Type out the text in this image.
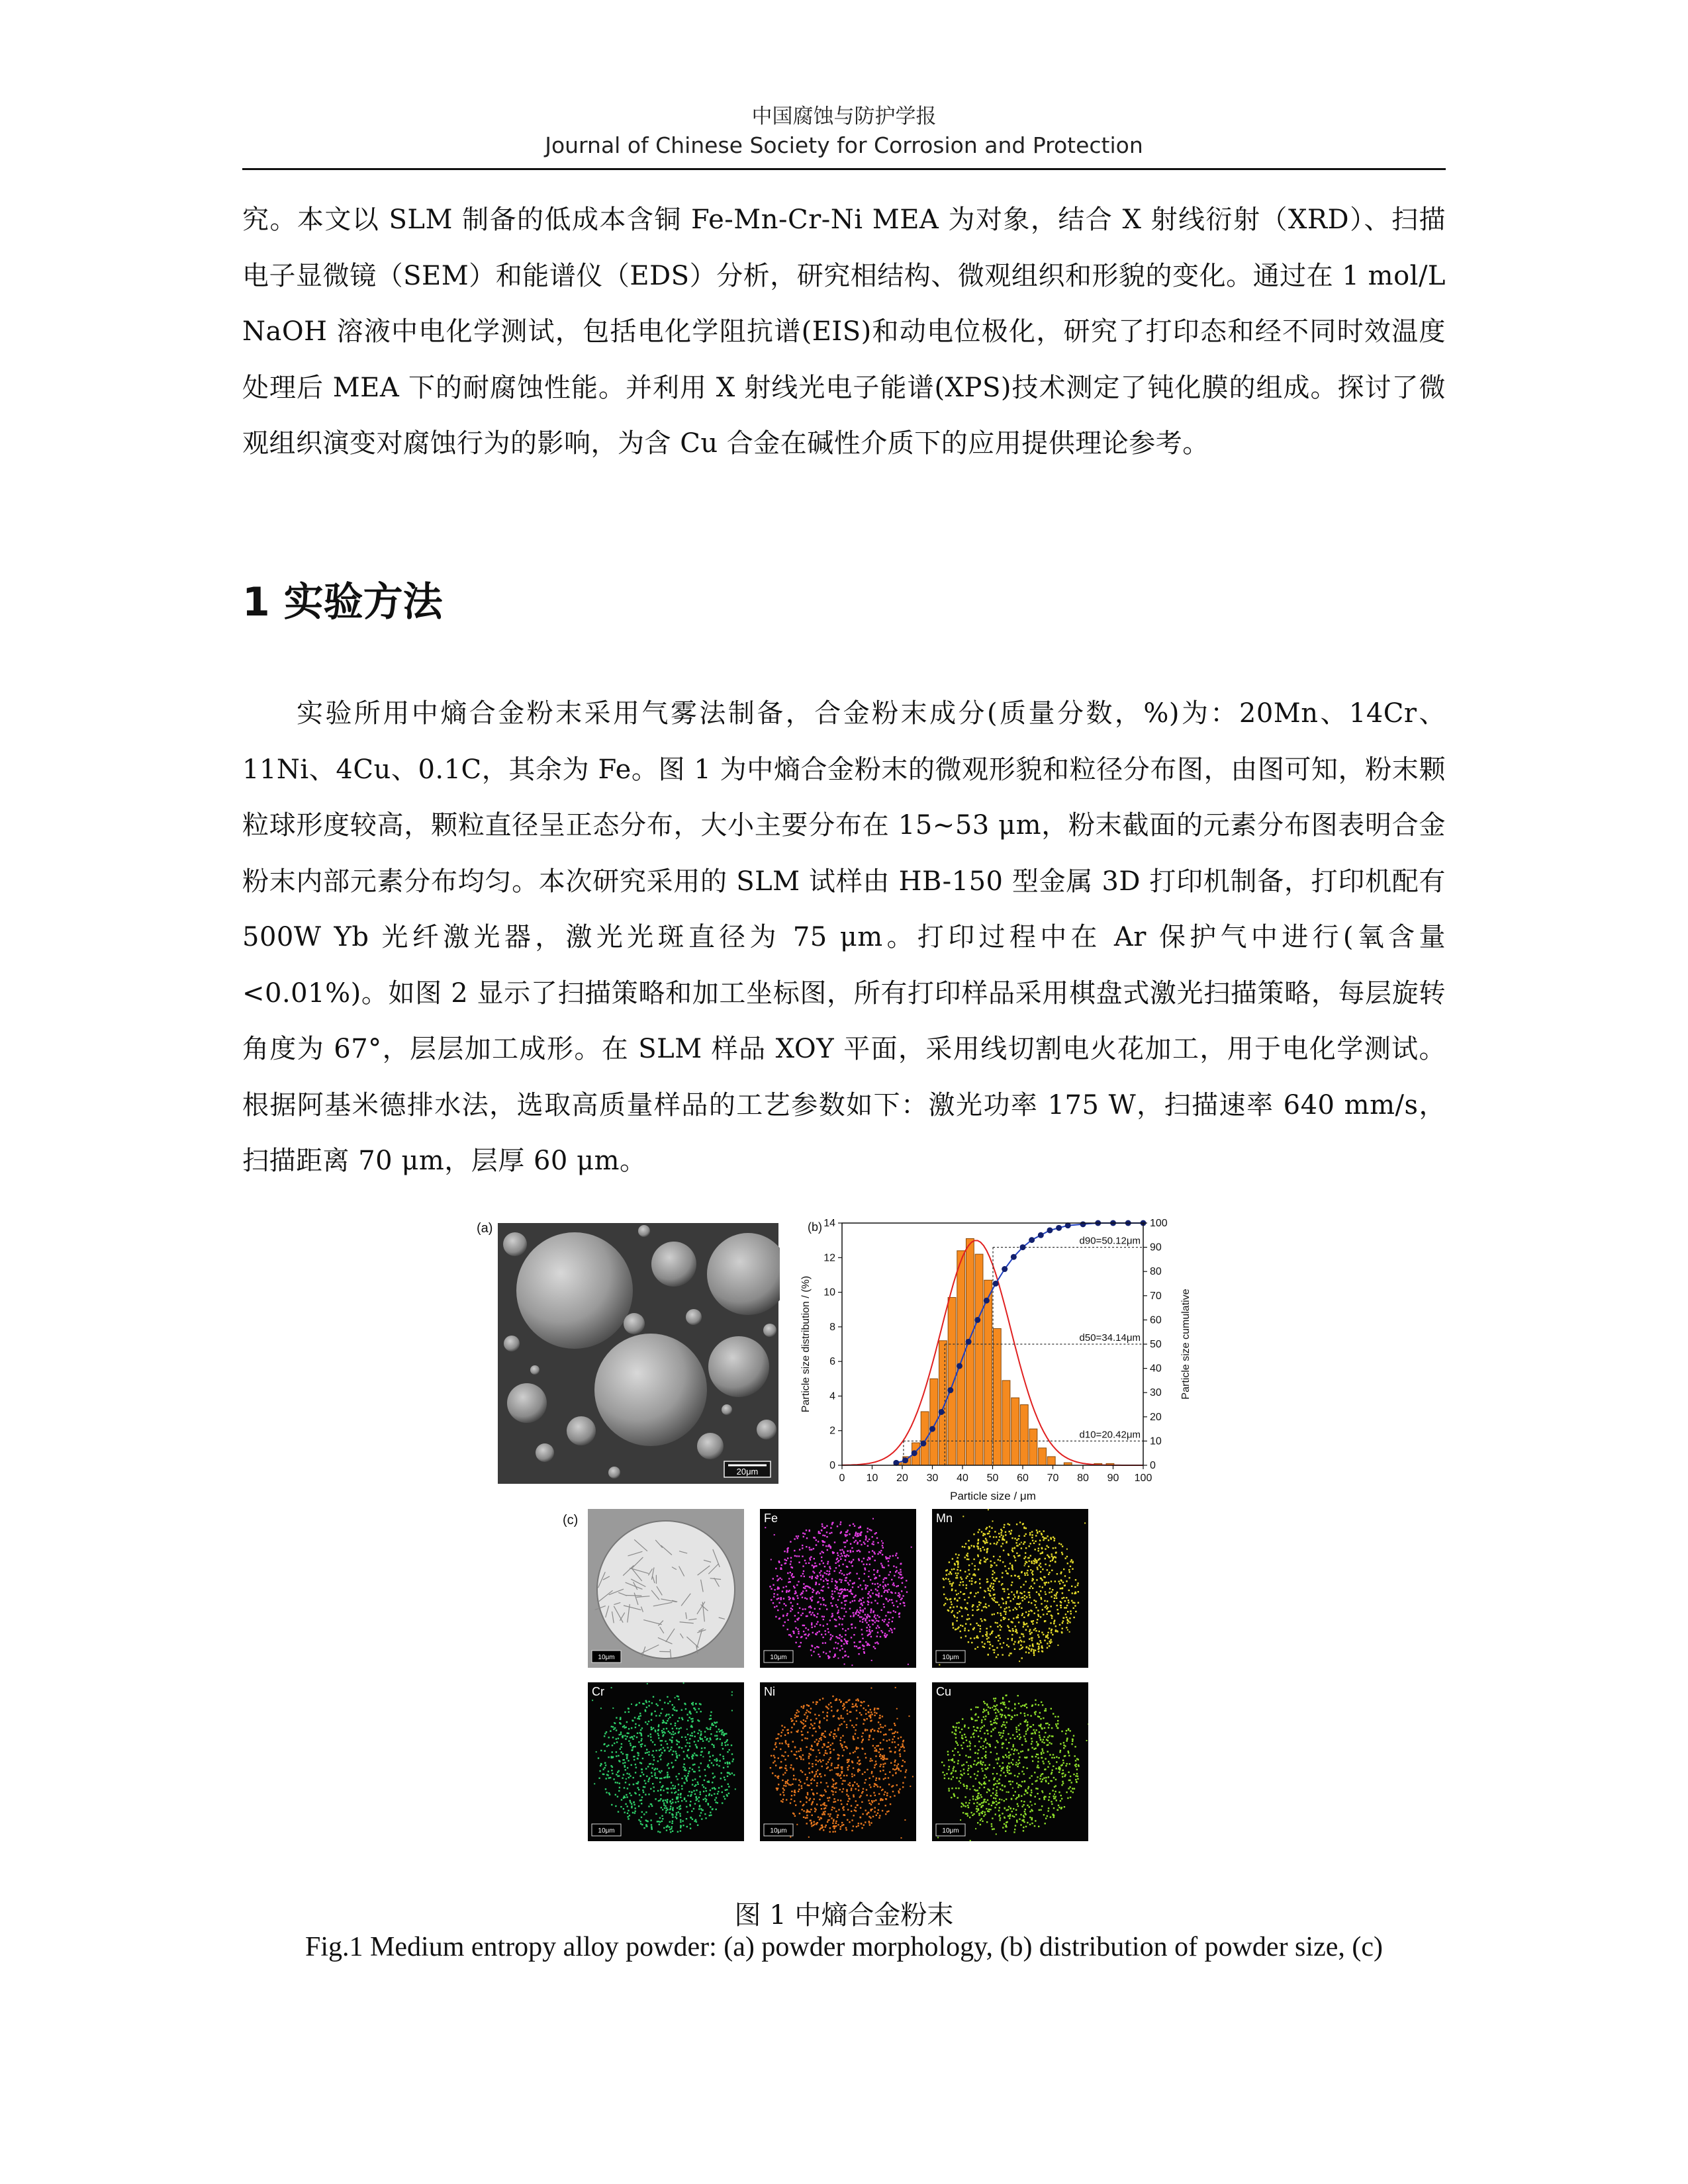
中国腐蚀与防护学报
Journal of Chinese Society for Corrosion and Protection
究。本文以 SLM 制备的低成本含铜 Fe-Mn-Cr-Ni MEA 为对象，结合 X 射线衍射（XRD）、扫描电子显微镜（SEM）和能谱仪（EDS）分析，研究相结构、微观组织和形貌的变化。通过在 1 mol/L NaOH 溶液中电化学测试，包括电化学阻抗谱(EIS)和动电位极化，研究了打印态和经不同时效温度处理后 MEA 下的耐腐蚀性能。并利用 X 射线光电子能谱(XPS)技术测定了钝化膜的组成。探讨了微观组织演变对腐蚀行为的影响，为含 Cu 合金在碱性介质下的应用提供理论参考。
1 实验方法
实验所用中熵合金粉末采用气雾法制备，合金粉末成分(质量分数，%)为：20Mn、14Cr、11Ni、4Cu、0.1C，其余为 Fe。图 1 为中熵合金粉末的微观形貌和粒径分布图，由图可知，粉末颗粒球形度较高，颗粒直径呈正态分布，大小主要分布在 15~53 μm，粉末截面的元素分布图表明合金粉末内部元素分布均匀。本次研究采用的 SLM 试样由 HB-150 型金属 3D 打印机制备，打印机配有 500W Yb 光纤激光器，激光光斑直径为 75 μm。打印过程中在 Ar 保护气中进行(氧含量<0.01%)。如图 2 显示了扫描策略和加工坐标图，所有打印样品采用棋盘式激光扫描策略，每层旋转角度为 67°，层层加工成形。在 SLM 样品 XOY 平面，采用线切割电火花加工，用于电化学测试。根据阿基米德排水法，选取高质量样品的工艺参数如下：激光功率 175 W，扫描速率 640 mm/s，扫描距离 70 μm，层厚 60 μm。
(a)
20μm
(b)
d90=50.12μm
d50=34.14μm
d10=20.42μm
0 10 20 30 40 50 60 70 80 90 100
0
2
4
6
8
10
12
14
0
10
20
30
40
50
60
70
80
90
100
Particle size / μm
Particle size distribution / (%)	Particle size cumulative
(c)
10μm
Fe
10μm
Mn
10μm
Cr
10μm
Ni
10μm
Cu
10μm
图 1 中熵合金粉末
Fig.1 Medium entropy alloy powder: (a) powder morphology, (b) distribution of powder size, (c)
